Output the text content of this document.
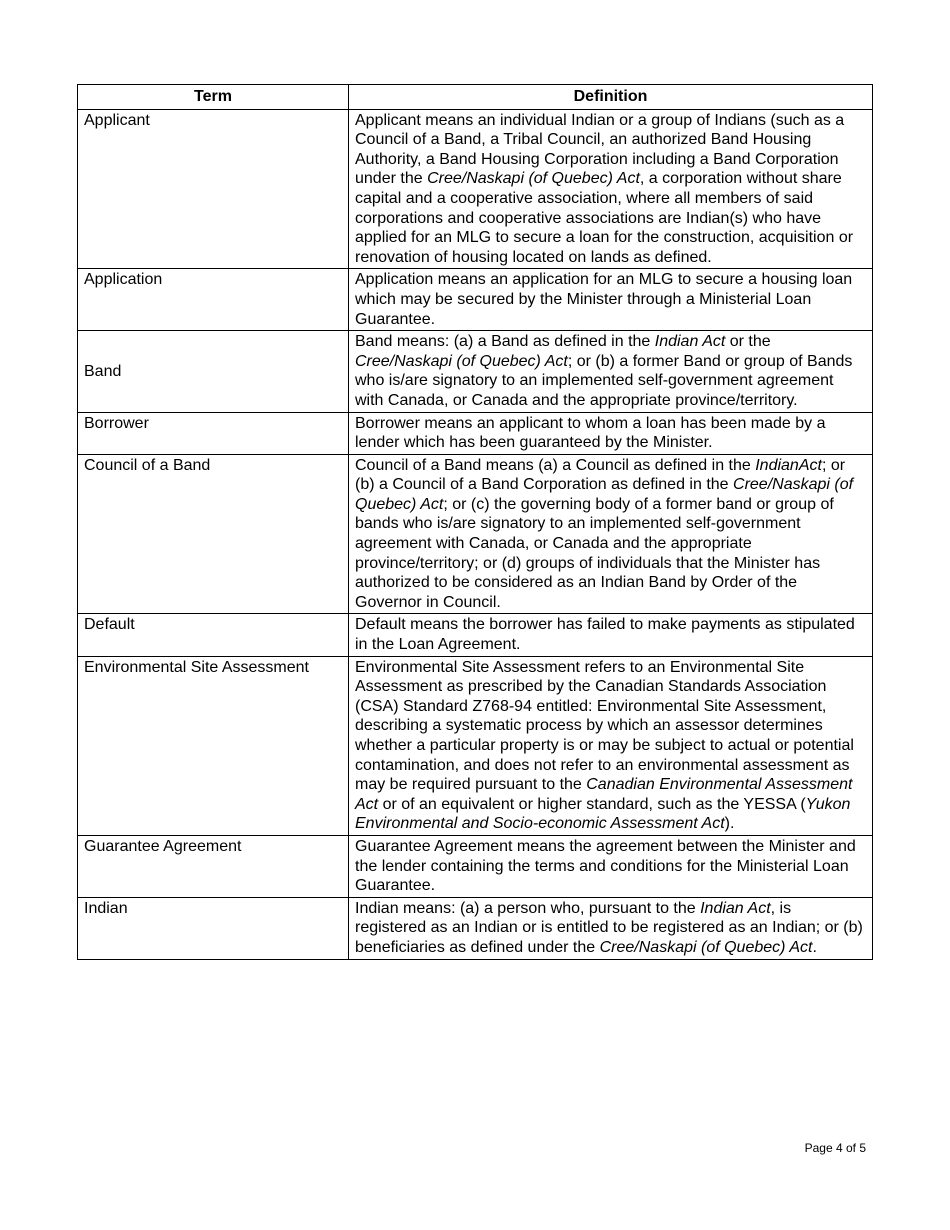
Term	Definition
Applicant	Applicant means an individual Indian or a group of Indians (such as a Council of a Band, a Tribal Council, an authorized Band Housing Authority, a Band Housing Corporation including a Band Corporation under the Cree/Naskapi (of Quebec) Act, a corporation without share capital and a cooperative association, where all members of said corporations and cooperative associations are Indian(s) who have applied for an MLG to secure a loan for the construction, acquisition or renovation of housing located on lands as defined.
Application	Application means an application for an MLG to secure a housing loan which may be secured by the Minister through a Ministerial Loan Guarantee.
Band	Band means: (a) a Band as defined in the Indian Act or the Cree/Naskapi (of Quebec) Act; or (b) a former Band or group of Bands who is/are signatory to an implemented self-government agreement with Canada, or Canada and the appropriate province/territory.
Borrower	Borrower means an applicant to whom a loan has been made by a lender which has been guaranteed by the Minister.
Council of a Band	Council of a Band means (a) a Council as defined in the IndianAct; or (b) a Council of a Band Corporation as defined in the Cree/Naskapi (of Quebec) Act; or (c) the governing body of a former band or group of bands who is/are signatory to an implemented self-government agreement with Canada, or Canada and the appropriate province/territory; or (d) groups of individuals that the Minister has authorized to be considered as an Indian Band by Order of the Governor in Council.
Default	Default means the borrower has failed to make payments as stipulated in the Loan Agreement.
Environmental Site Assessment	Environmental Site Assessment refers to an Environmental Site Assessment as prescribed by the Canadian Standards Association (CSA) Standard Z768-94 entitled: Environmental Site Assessment, describing a systematic process by which an assessor determines whether a particular property is or may be subject to actual or potential contamination, and does not refer to an environmental assessment as may be required pursuant to the Canadian Environmental Assessment Act or of an equivalent or higher standard, such as the YESSA (Yukon Environmental and Socio-economic Assessment Act).
Guarantee Agreement	Guarantee Agreement means the agreement between the Minister and the lender containing the terms and conditions for the Ministerial Loan Guarantee.
Indian	Indian means: (a) a person who, pursuant to the Indian Act, is registered as an Indian or is entitled to be registered as an Indian; or (b) beneficiaries as defined under the Cree/Naskapi (of Quebec) Act.
Page 4 of 5
